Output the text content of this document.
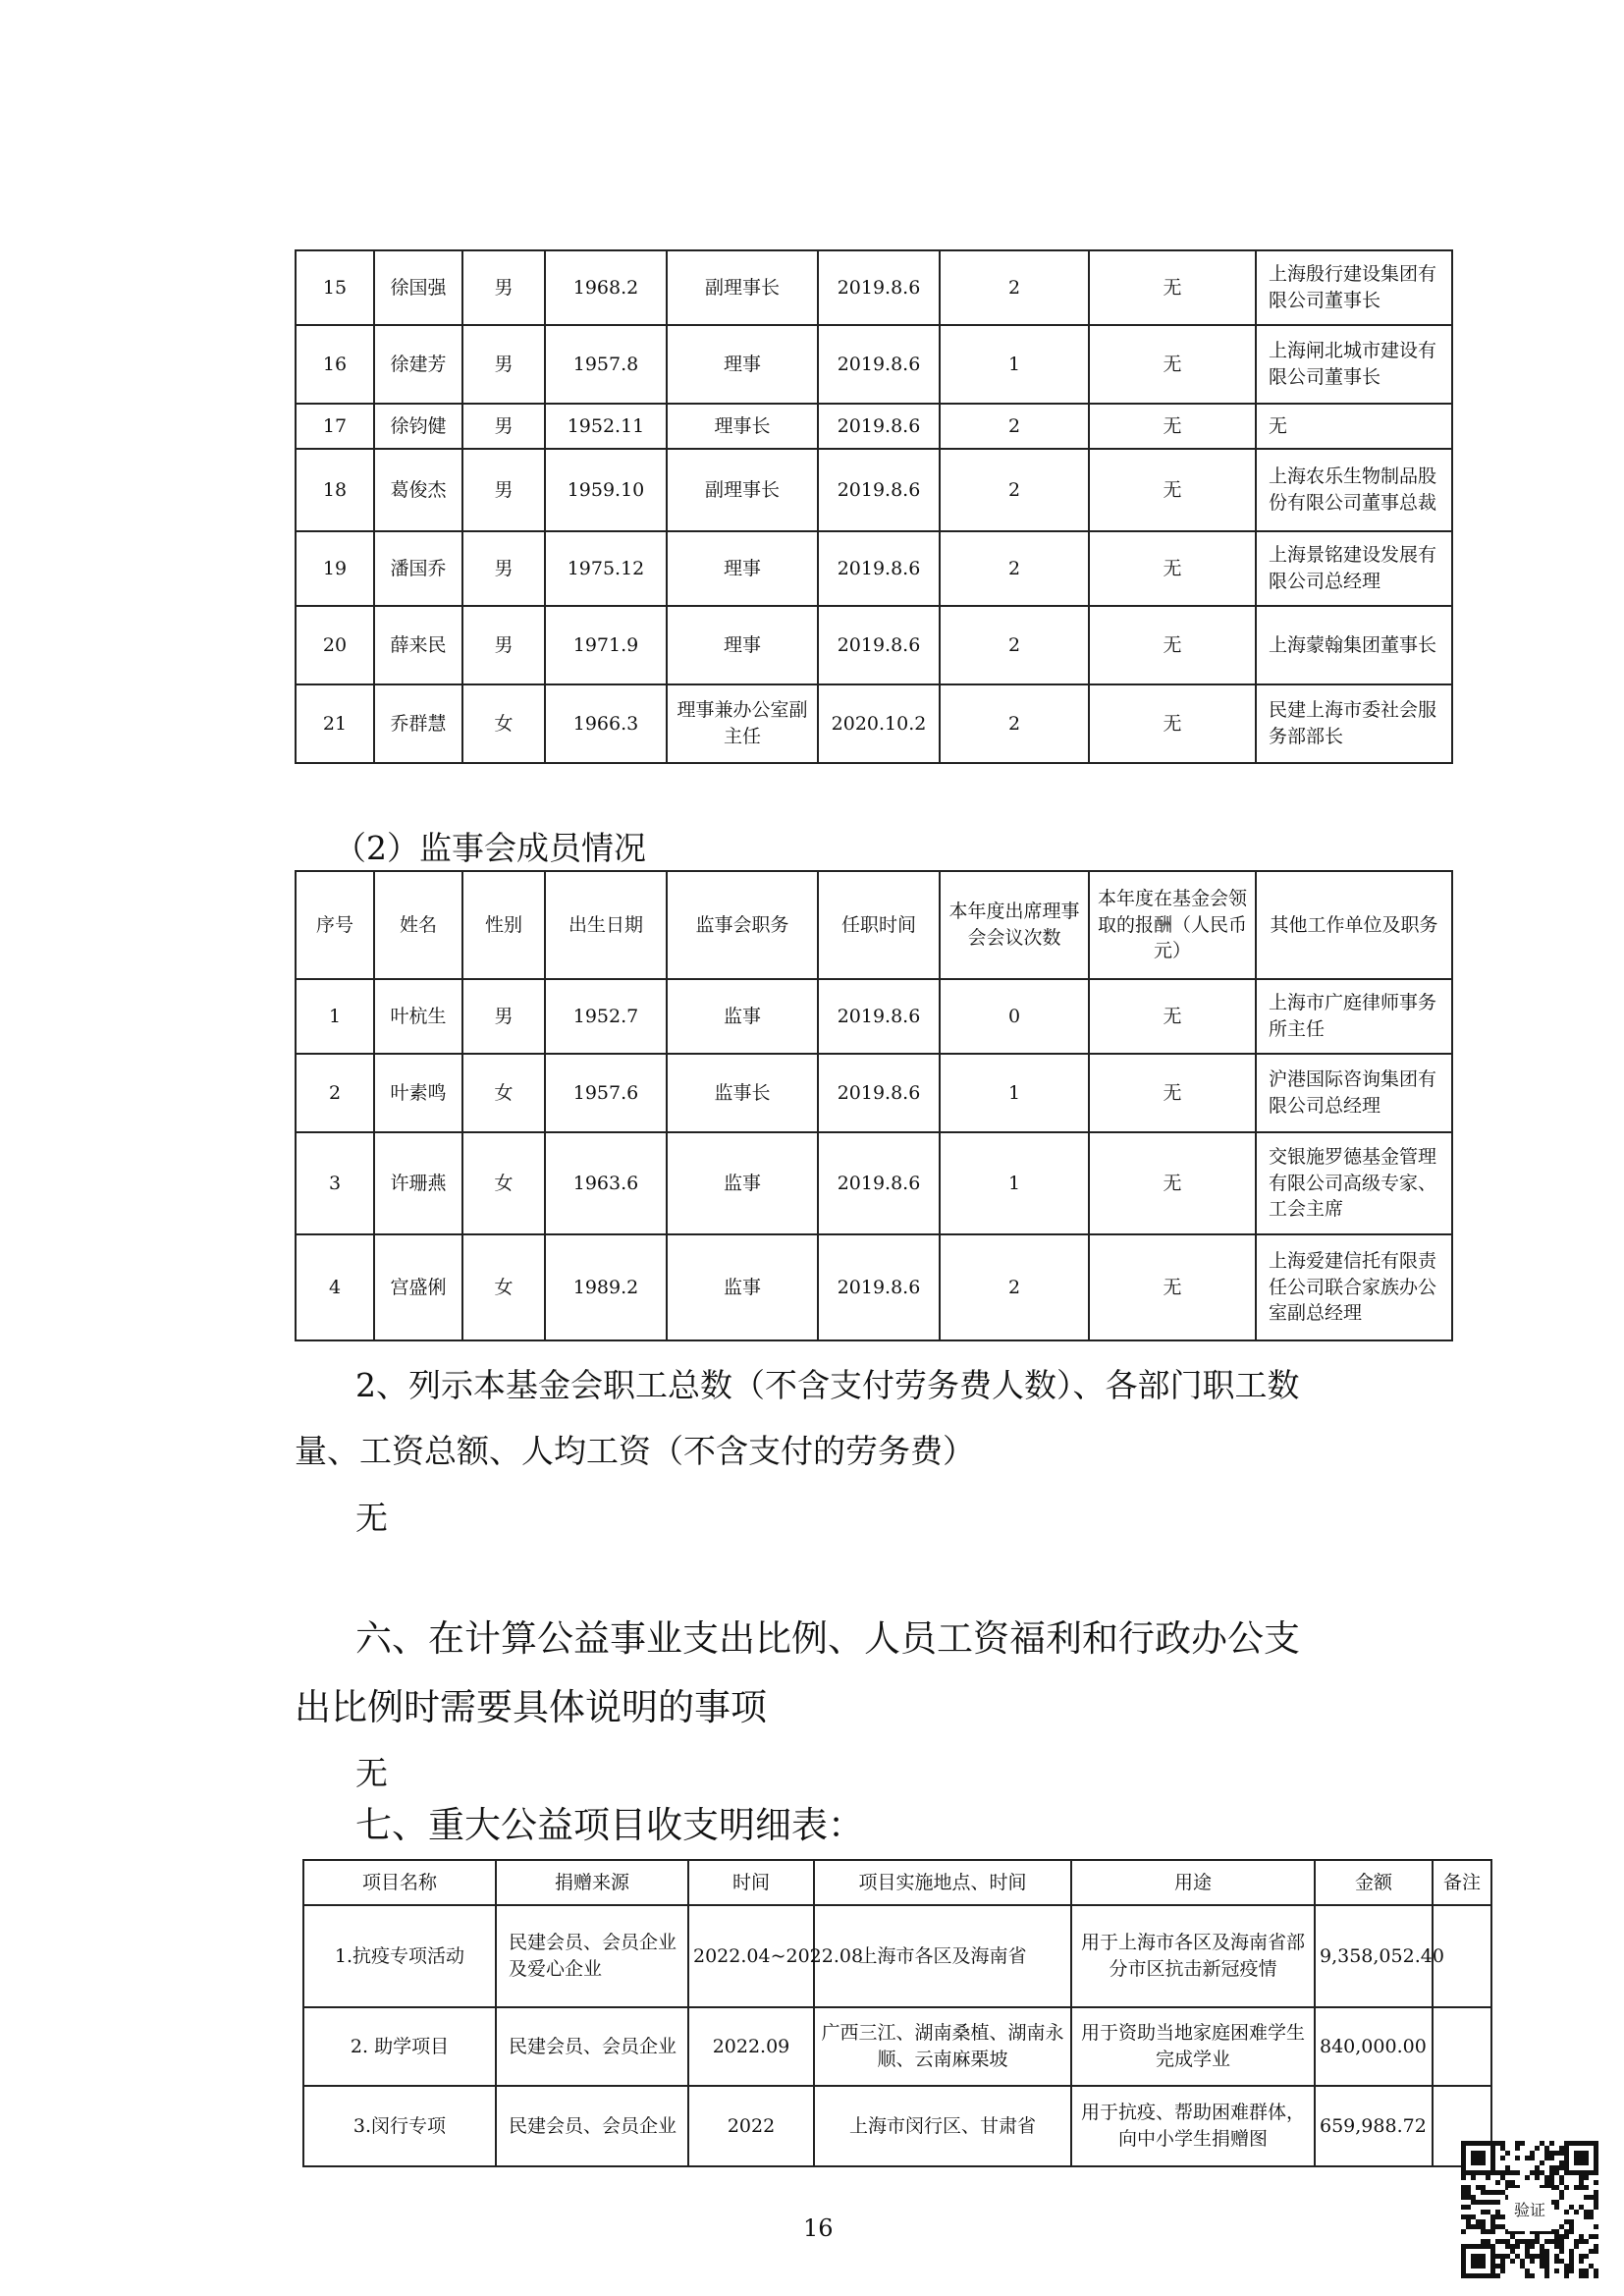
15	徐国强	男	1968.2	副理事长	2019.8.6	2	无	上海殷行建设集团有限公司董事长
16	徐建芳	男	1957.8	理事	2019.8.6	1	无	上海闸北城市建设有限公司董事长
17	徐钧健	男	1952.11	理事长	2019.8.6	2	无	无
18	葛俊杰	男	1959.10	副理事长	2019.8.6	2	无	上海农乐生物制品股份有限公司董事总裁
19	潘国乔	男	1975.12	理事	2019.8.6	2	无	上海景铭建设发展有限公司总经理
20	薛来民	男	1971.9	理事	2019.8.6	2	无	上海蒙翰集团董事长
21	乔群慧	女	1966.3	理事兼办公室副主任	2020.10.2	2	无	民建上海市委社会服务部部长
（2）监事会成员情况
序号	姓名	性别	出生日期	监事会职务	任职时间	本年度出席理事会会议次数	本年度在基金会领取的报酬（人民币元）	其他工作单位及职务
1	叶杭生	男	1952.7	监事	2019.8.6	0	无	上海市广庭律师事务所主任
2	叶素鸣	女	1957.6	监事长	2019.8.6	1	无	沪港国际咨询集团有限公司总经理
3	许珊燕	女	1963.6	监事	2019.8.6	1	无	交银施罗德基金管理有限公司高级专家、工会主席
4	宫盛俐	女	1989.2	监事	2019.8.6	2	无	上海爱建信托有限责任公司联合家族办公室副总经理
2、列示本基金会职工总数（不含支付劳务费人数）、各部门职工数
量、工资总额、人均工资（不含支付的劳务费）
无
六、在计算公益事业支出比例、人员工资福利和行政办公支
出比例时需要具体说明的事项
无
七、重大公益项目收支明细表：
项目名称	捐赠来源	时间	项目实施地点、时间	用途	金额	备注
1.抗疫专项活动	民建会员、会员企业及爱心企业	2022.04~2022.08	上海市各区及海南省	用于上海市各区及海南省部分市区抗击新冠疫情	9,358,052.40	
2. 助学项目	民建会员、会员企业	2022.09	广西三江、湖南桑植、湖南永顺、云南麻栗坡	用于资助当地家庭困难学生完成学业	840,000.00	
3.闵行专项	民建会员、会员企业	2022	上海市闵行区、甘肃省	用于抗疫、帮助困难群体，向中小学生捐赠图	659,988.72	
验证
16
